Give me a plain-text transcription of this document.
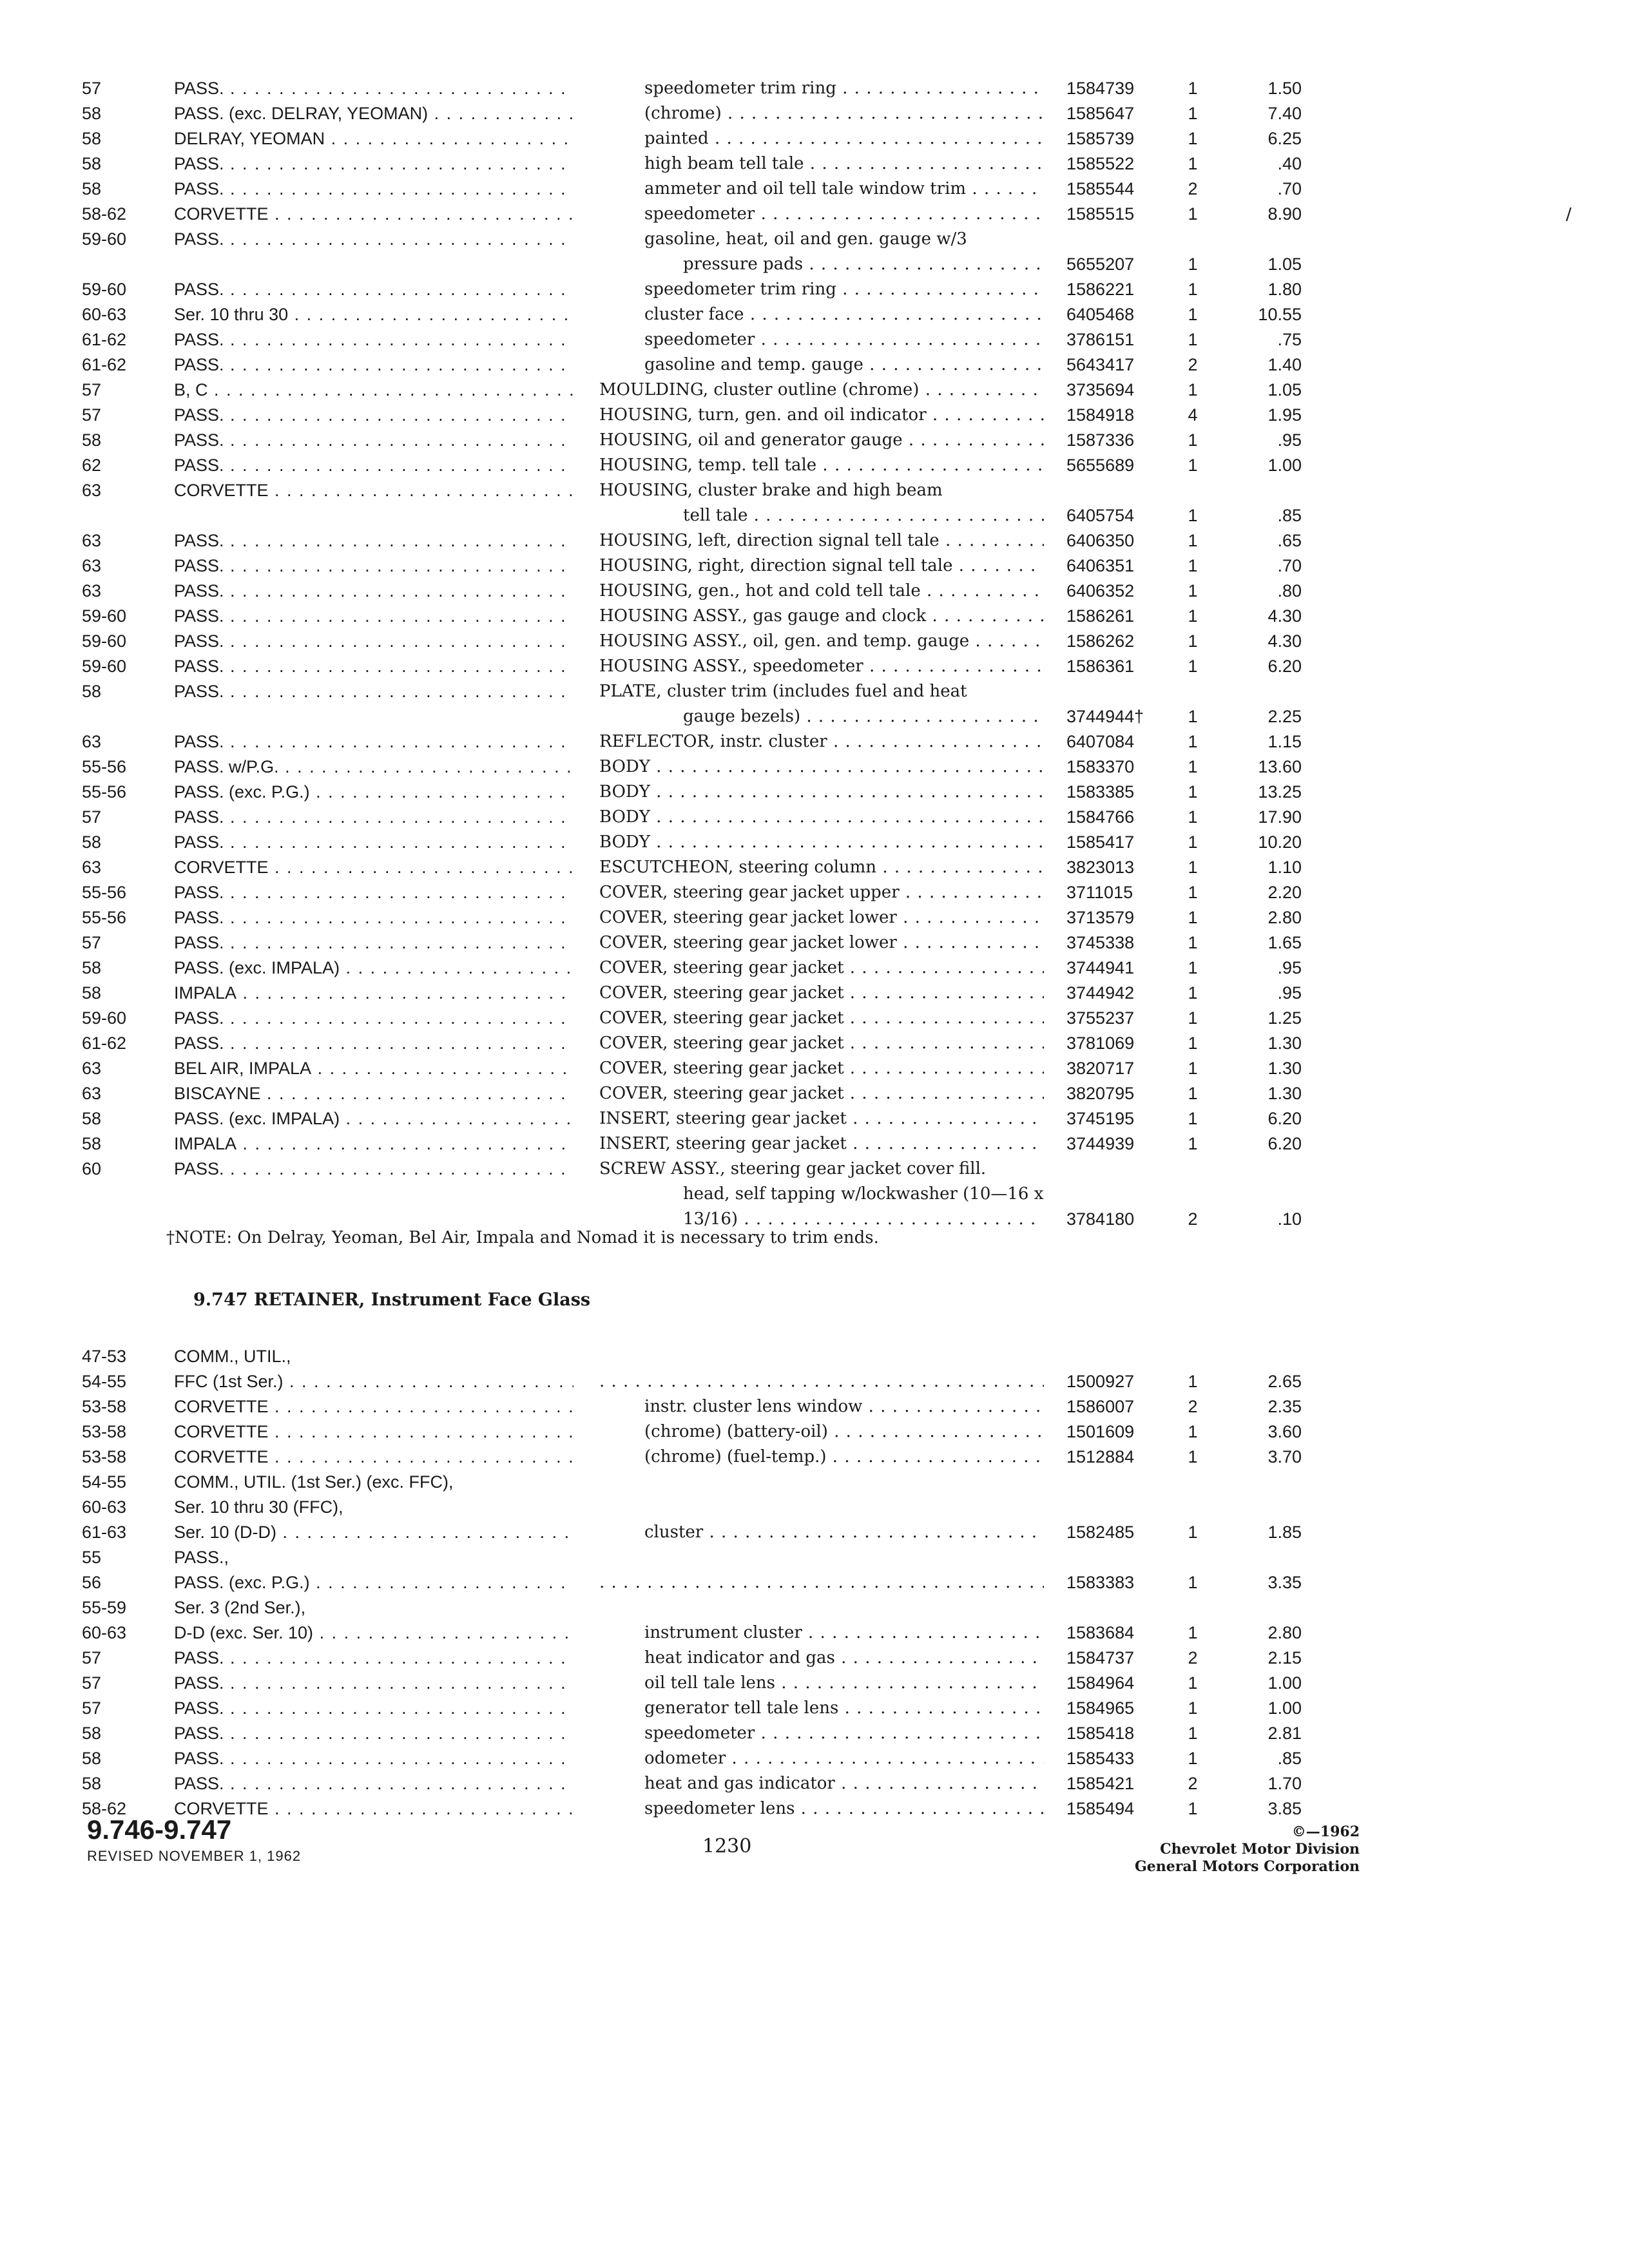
57	PASS. . . .	speedometer trim ring . . .	1584739	1	1.50
58	PASS. (exc. DELRAY, YEOMAN) . . .	(chrome) . . .	1585647	1	7.40
58	DELRAY, YEOMAN . . .	painted . . .	1585739	1	6.25
58	PASS. . . .	high beam tell tale . . .	1585522	1	.40
58	PASS. . . .	ammeter and oil tell tale window trim . . .	1585544	2	.70
58-62	CORVETTE . . .	speedometer . . .	1585515	1	8.90
59-60	PASS. . . .	gasoline, heat, oil and gen. gauge w/3
pressure pads . . .	5655207	1	1.05
59-60	PASS. . . .	speedometer trim ring . . .	1586221	1	1.80
60-63	Ser. 10 thru 30 . . .	cluster face . . .	6405468	1	10.55
61-62	PASS. . . .	speedometer . . .	3786151	1	.75
61-62	PASS. . . .	gasoline and temp. gauge . . .	5643417	2	1.40
57	B, C . . .	MOULDING, cluster outline (chrome) . . .	3735694	1	1.05
57	PASS. . . .	HOUSING, turn, gen. and oil indicator . . .	1584918	4	1.95
58	PASS. . . .	HOUSING, oil and generator gauge . . .	1587336	1	.95
62	PASS. . . .	HOUSING, temp. tell tale . . .	5655689	1	1.00
63	CORVETTE . . .	HOUSING, cluster brake and high beam
tell tale . . .	6405754	1	.85
63	PASS. . . .	HOUSING, left, direction signal tell tale . . .	6406350	1	.65
63	PASS. . . .	HOUSING, right, direction signal tell tale . . .	6406351	1	.70
63	PASS. . . .	HOUSING, gen., hot and cold tell tale . . .	6406352	1	.80
59-60	PASS. . . .	HOUSING ASSY., gas gauge and clock . . .	1586261	1	4.30
59-60	PASS. . . .	HOUSING ASSY., oil, gen. and temp. gauge . . .	1586262	1	4.30
59-60	PASS. . . .	HOUSING ASSY., speedometer . . .	1586361	1	6.20
58	PASS. . . .	PLATE, cluster trim (includes fuel and heat
gauge bezels) . . .	3744944†	1	2.25
63	PASS. . . .	REFLECTOR, instr. cluster . . .	6407084	1	1.15
55-56	PASS. w/P.G. . . .	BODY . . .	1583370	1	13.60
55-56	PASS. (exc. P.G.) . . .	BODY . . .	1583385	1	13.25
57	PASS. . . .	BODY . . .	1584766	1	17.90
58	PASS. . . .	BODY . . .	1585417	1	10.20
63	CORVETTE . . .	ESCUTCHEON, steering column . . .	3823013	1	1.10
55-56	PASS. . . .	COVER, steering gear jacket upper . . .	3711015	1	2.20
55-56	PASS. . . .	COVER, steering gear jacket lower . . .	3713579	1	2.80
57	PASS. . . .	COVER, steering gear jacket lower . . .	3745338	1	1.65
58	PASS. (exc. IMPALA) . . .	COVER, steering gear jacket . . .	3744941	1	.95
58	IMPALA . . .	COVER, steering gear jacket . . .	3744942	1	.95
59-60	PASS. . . .	COVER, steering gear jacket . . .	3755237	1	1.25
61-62	PASS. . . .	COVER, steering gear jacket . . .	3781069	1	1.30
63	BEL AIR, IMPALA . . .	COVER, steering gear jacket . . .	3820717	1	1.30
63	BISCAYNE . . .	COVER, steering gear jacket . . .	3820795	1	1.30
58	PASS. (exc. IMPALA) . . .	INSERT, steering gear jacket . . .	3745195	1	6.20
58	IMPALA . . .	INSERT, steering gear jacket . . .	3744939	1	6.20
60	PASS. . . .	SCREW ASSY., steering gear jacket cover fill.
head, self tapping w/lockwasher (10—16 x
13/16) . . .	3784180	2	.10
†NOTE: On Delray, Yeoman, Bel Air, Impala and Nomad it is necessary to trim ends.
9.747 RETAINER, Instrument Face Glass
47-53	COMM., UTIL.,
54-55	FFC (1st Ser.) . . . . . .	1500927	1	2.65
53-58	CORVETTE . . .	instr. cluster lens window . . .	1586007	2	2.35
53-58	CORVETTE . . .	(chrome) (battery-oil) . . .	1501609	1	3.60
53-58	CORVETTE . . .	(chrome) (fuel-temp.) . . .	1512884	1	3.70
54-55	COMM., UTIL. (1st Ser.) (exc. FFC),
60-63	Ser. 10 thru 30 (FFC),
61-63	Ser. 10 (D-D) . . .	cluster . . .	1582485	1	1.85
55	PASS.,
56	PASS. (exc. P.G.) . . . . . .	1583383	1	3.35
55-59	Ser. 3 (2nd Ser.),
60-63	D-D (exc. Ser. 10) . . .	instrument cluster . . .	1583684	1	2.80
57	PASS. . . .	heat indicator and gas . . .	1584737	2	2.15
57	PASS. . . .	oil tell tale lens . . .	1584964	1	1.00
57	PASS. . . .	generator tell tale lens . . .	1584965	1	1.00
58	PASS. . . .	speedometer . . .	1585418	1	2.81
58	PASS. . . .	odometer . . .	1585433	1	.85
58	PASS. . . .	heat and gas indicator . . .	1585421	2	1.70
58-62	CORVETTE . . .	speedometer lens . . .	1585494	1	3.85
/
9.746-9.747
REVISED NOVEMBER 1, 1962	1230
©—1962
Chevrolet Motor Division
General Motors Corporation
